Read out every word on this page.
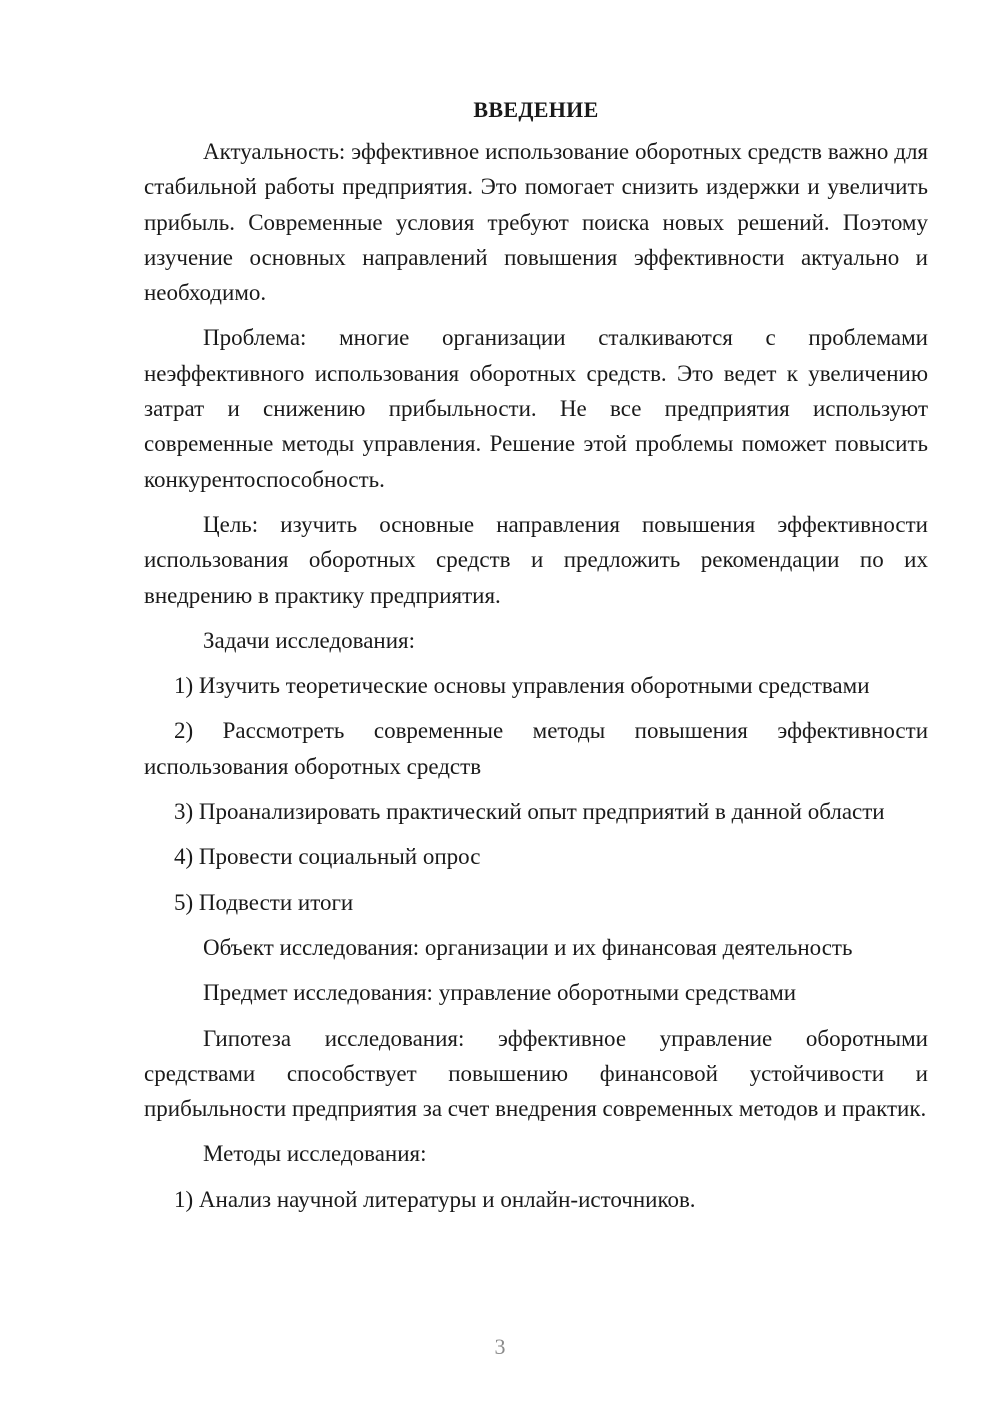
ВВЕДЕНИЕ

Актуальность: эффективное использование оборотных средств важно для стабильной работы предприятия. Это помогает снизить издержки и увеличить прибыль. Современные условия требуют поиска новых решений. Поэтому изучение основных направлений повышения эффективности актуально и необходимо.

Проблема: многие организации сталкиваются с проблемами неэффективного использования оборотных средств. Это ведет к увеличению затрат и снижению прибыльности. Не все предприятия используют современные методы управления. Решение этой проблемы поможет повысить конкурентоспособность.

Цель: изучить основные направления повышения эффективности использования оборотных средств и предложить рекомендации по их внедрению в практику предприятия.

Задачи исследования:

1) Изучить теоретические основы управления оборотными средствами

2) Рассмотреть современные методы повышения эффективности использования оборотных средств

3) Проанализировать практический опыт предприятий в данной области

4) Провести социальный опрос

5) Подвести итоги

Объект исследования: организации и их финансовая деятельность

Предмет исследования: управление оборотными средствами

Гипотеза исследования: эффективное управление оборотными средствами способствует повышению финансовой устойчивости и прибыльности предприятия за счет внедрения современных методов и практик.

Методы исследования:

1) Анализ научной литературы и онлайн-источников.

3
